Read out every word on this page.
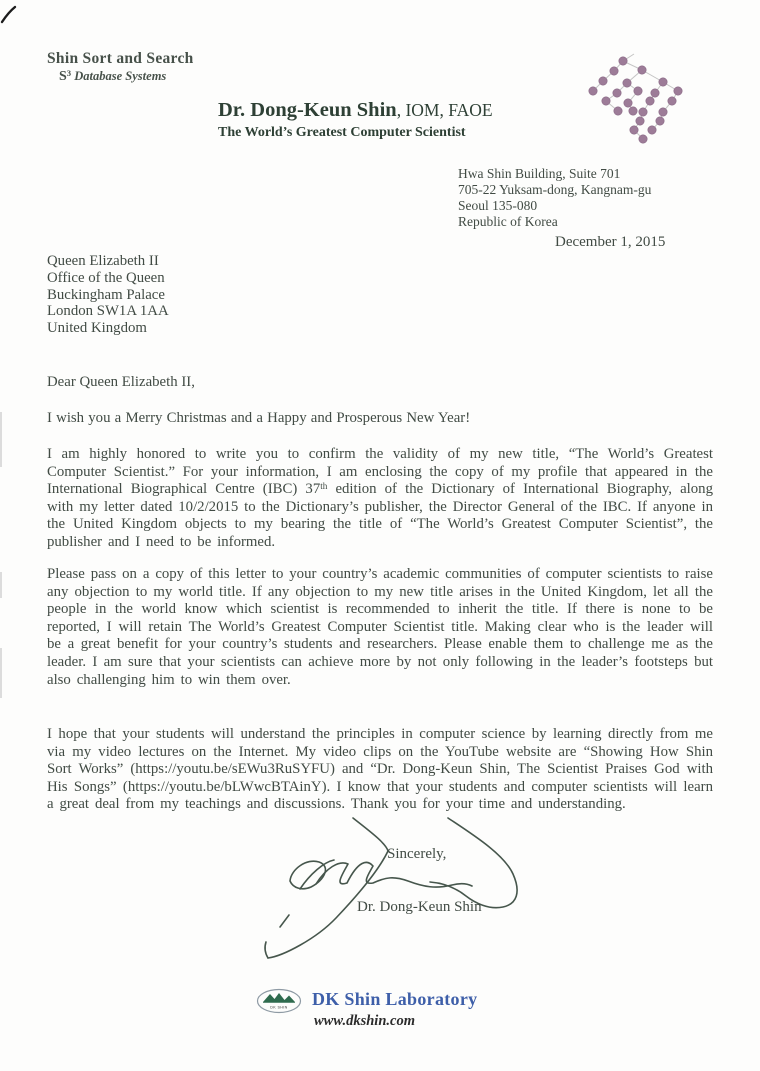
Shin Sort and Search
$S^3$ Database Systems
Dr. Dong-Keun Shin, IOM, FAOE
The World’s Greatest Computer Scientist
Hwa Shin Building, Suite 701
705-22 Yuksam-dong, Kangnam-gu
Seoul 135-080
Republic of Korea
December 1, 2015
Queen Elizabeth II
Office of the Queen
Buckingham Palace
London SW1A 1AA
United Kingdom
Dear Queen Elizabeth II,
I wish you a Merry Christmas and a Happy and Prosperous New Year!
I am highly honored to write you to confirm the validity of my new title, “The World’s Greatest Computer Scientist.” For your information, I am enclosing the copy of my profile that appeared in the International Biographical Centre (IBC) 37th edition of the Dictionary of International Biography, along with my letter dated 10/2/2015 to the Dictionary’s publisher, the Director General of the IBC. If anyone in the United Kingdom objects to my bearing the title of “The World’s Greatest Computer Scientist”, the publisher and I need to be informed.
Please pass on a copy of this letter to your country’s academic communities of computer scientists to raise any objection to my world title. If any objection to my new title arises in the United Kingdom, let all the people in the world know which scientist is recommended to inherit the title. If there is none to be reported, I will retain The World’s Greatest Computer Scientist title. Making clear who is the leader will be a great benefit for your country’s students and researchers. Please enable them to challenge me as the leader. I am sure that your scientists can achieve more by not only following in the leader’s footsteps but also challenging him to win them over.
I hope that your students will understand the principles in computer science by learning directly from me via my video lectures on the Internet. My video clips on the YouTube website are “Showing How Shin Sort Works” (https://youtu.be/sEWu3RuSYFU) and “Dr. Dong-Keun Shin, The Scientist Praises God with His Songs” (https://youtu.be/bLWwcBTAinY). I know that your students and computer scientists will learn a great deal from my teachings and discussions. Thank you for your time and understanding.
Sincerely,
Dr. Dong-Keun Shin
DK SHIN DK Shin Laboratory
www.dkshin.com
